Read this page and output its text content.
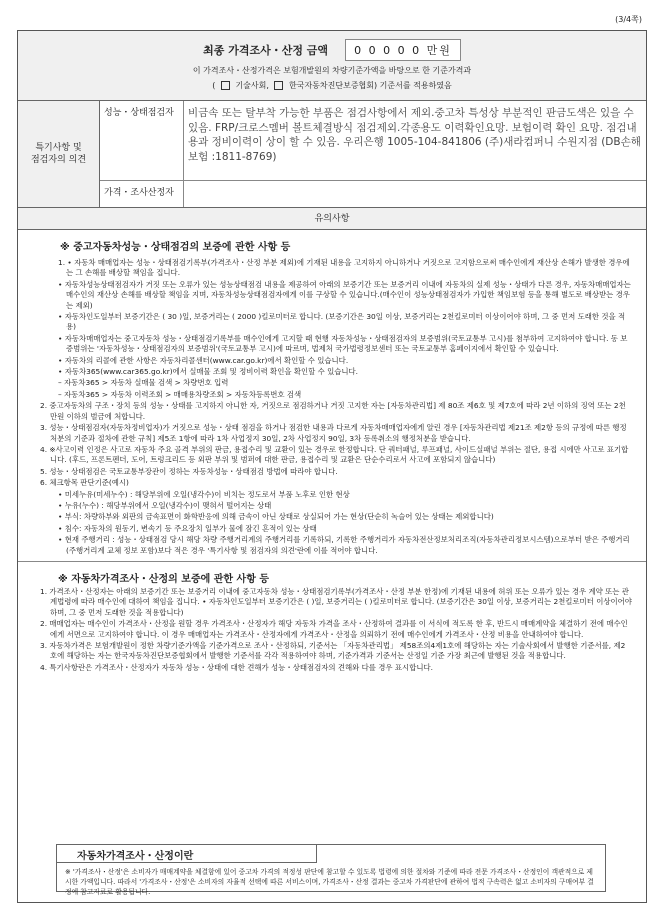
(3/4쪽)
최종 가격조사・산정 금액 0 0 0 0 0 만원
이 가격조사・산정가격은 보험개발원의 차량기준가액을 바탕으로 한 기준가격과
(  기술사회,	한국자동차진단보증협회) 기준서를 적용하였음
특기사항 및
점검자의 의견
성능・상태점검자	비금속 또는 탈부착 가능한 부품은 점검사항에서 제외.중고차 특성상 부분적인 판금도색은 있을 수 있음. FRP/크로스멤버 볼트체결방식 점검제외.각종용도 이력확인요망. 보험이력 확인 요망. 점검내용과 정비이력이 상이 할 수 있음. 우리은행 1005-104-841806 (주)새라컴퍼니 수원지점 (DB손해보험 :1811-8769)
가격・조사산정자
유의사항
※ 중고자동차성능・상태점검의 보증에 관한 사항 등

1. • 자동차 매매업자는 성능・상태점검기록부(가격조사・산정 부분 제외)에 기재된 내용을 고지하지 아니하거나 거짓으로 고지함으로써 매수인에게 재산상 손해가 발생한 경우에는 그 손해를 배상할 책임을 집니다.

• 자동차성능상태점검자가 거짓 또는 오류가 있는 성능상태점검 내용을 제공하여 아래의 보증기간 또는 보증거리 이내에 자동차의 실제 성능・상태가 다른 경우, 자동차매매업자는 매수인의 재산상 손해를 배상할 책임을 지며, 자동차성능상태점검자에게 이를 구상할 수 있습니다.(매수인이 성능상태점검자가 가입한 책임보험 등을 통해 별도로 배상받는 경우는 제외)

• 자동차인도일부터 보증기간은 ( 30 )일, 보증거리는 ( 2000 )킬로미터로 합니다. (보증기간은 30일 이상, 보증거리는 2천킬로미터 이상이어야 하며, 그 중 먼저 도래한 것을 적용)

• 자동차매매업자는 중고자동차 성능・상태점검기록부를 매수인에게 고지할 때 현행 자동차성능・상태점검자의 보증범위(국토교통부 고시)를 첨부하여 고지하여야 합니다. 동 보증범위는 '자동차성능・상태점검자의 보증범위'(국토교통부 고시)에 따르며, 법제처 국가법령정보센터 또는 국토교통부 홈페이지에서 확인할 수 있습니다.

• 자동차의 리콜에 관한 사항은 자동차리콜센터(www.car.go.kr)에서 확인할 수 있습니다.

• 자동차365(www.car365.go.kr)에서 실매물 조회 및 정비이력 확인을 확인할 수 있습니다.

– 자동차365 > 자동차 실매물 검색 > 차량번호 입력

– 자동차365 > 자동차 이력조회 > 매매용차량조회 > 자동차등록번호 검색

2. 중고자동차의 구조・장치 등의 성능・상태를 고지하지 아니한 자, 거짓으로 점검하거나 거짓 고지한 자는 [자동차관리법] 제 80조 제6호 및 제7호에 따라 2년 이하의 징역 또는 2천만원 이하의 벌금에 처합니다.

3. 성능・상태점검자(자동차정비업자)가 거짓으로 성능・상태 점검을 하거나 점검한 내용과 다르게 자동차매매업자에게 알린 경우 [자동차관리법 제21조 제2항 등의 규정에 따른 행정처분의 기준과 절차에 관한 규칙] 제5조 1항에 따라 1차 사업정지 30일, 2차 사업정지 90일, 3차 등록취소의 행정처분을 받습니다.

4. ※사고이력 인정은 사고로 자동차 주요 골격 부위의 판금, 용접수리 및 교환이 있는 경우로 한정합니다. 단 쿼터패널, 루프패널, 사이드실패널 부위는 절단, 용접 시에만 사고로 표기합니다. (후드, 프론트펜더, 도어, 트렁크리드 등 외판 부위 및 범퍼에 대한 판금, 용접수리 및 교환은 단순수리로서 사고에 포함되지 않습니다)

5. 성능・상태점검은 국토교통부장관이 정하는 자동차성능・상태점검 방법에 따라야 합니다.

6. 체크항목 판단기준(예시)

• 미세누유(미세누수) : 해당부위에 오일(냉각수)이 비치는 정도로서 부품 노후로 인한 현상

• 누유(누수) : 해당부위에서 오일(냉각수)이 맺혀서 떨어지는 상태

• 부식: 차량하부와 외판의 금속표면이 화학반응에 의해 금속이 아닌 상태로 상실되어 가는 현상(단순히 녹슬어 있는 상태는 제외합니다)

• 침수: 자동차의 원동기, 변속기 등 주요장치 일부가 물에 잠긴 흔적이 있는 상태

• 현재 주행거리 : 성능・상태점검 당시 해당 차량 주행거리계의 주행거리를 기록하되, 기록한 주행거리가 자동차전산정보처리조직(자동차관리정보시스템)으로부터 받은 주행거리(주행거리계 교체 정보 포함)보다 적은 경우 '특기사항 및 점검자의 의견'란에 이를 적어야 합니다.

※ 자동차가격조사・산정의 보증에 관한 사항 등

1. 가격조사・산정자는 아래의 보증기간 또는 보증거리 이내에 중고자동차 성능・상태점검기록부(가격조사・산정 부분 한정)에 기재된 내용에 허위 또는 오류가 있는 경우 계약 또는 관계법령에 따라 매수인에 대하여 책임을 집니다. • 자동차인도일부터 보증기간은 ( )일, 보증거리는 ( )킬로미터로 합니다. (보증기간은 30일 이상, 보증거리는 2천킬로미터 이상이어야 하며, 그 중 먼저 도래한 것을 적용합니다)

2. 매매업자는 매수인이 가격조사・산정을 원할 경우 가격조사・산정자가 해당 자동차 가격을 조사・산정하여 결과를 이 서식에 적도록 한 후, 반드시 매매계약을 체결하기 전에 매수인에게 서면으로 고지하여야 합니다. 이 경우 매매업자는 가격조사・산정자에게 가격조사・산정을 의뢰하기 전에 매수인에게 가격조사・산정 비용을 안내하여야 합니다.

3. 자동차가격은 보험개발원이 정한 차량기준가액을 기준가격으로 조사・산정하되, 기준서는 「자동차관리법」 제58조의4제1호에 해당하는 자는 기술사회에서 발행한 기준서를, 제2호에 해당하는 자는 한국자동차진단보증협회에서 발행한 기준서를 각각 적용하여야 하며, 기준가격과 기준서는 산정일 기준 가장 최근에 발행된 것을 적용합니다.

4. 특기사항란은 가격조사・산정자가 자동차 성능・상태에 대한 견해가 성능・상태점검자의 견해와 다를 경우 표시합니다.

자동차가격조사・산정이란
※ '가격조사・산정'은 소비자가 매매계약을 체결함에 있어 중고차 가격의 적정성 판단에 참고할 수 있도록 법령에 의한 절차와 기준에 따라 전문 가격조사・산정인이 객관적으로 제시한 가액입니다. 따라서 '가격조사・산정'은 소비자의 자율적 선택에 따른 서비스이며, 가격조사・산정 결과는 중고차 가격판단에 관하여 법적 구속력은 없고 소비자의 구매여부 결정에 참고자료로 활용됩니다.
